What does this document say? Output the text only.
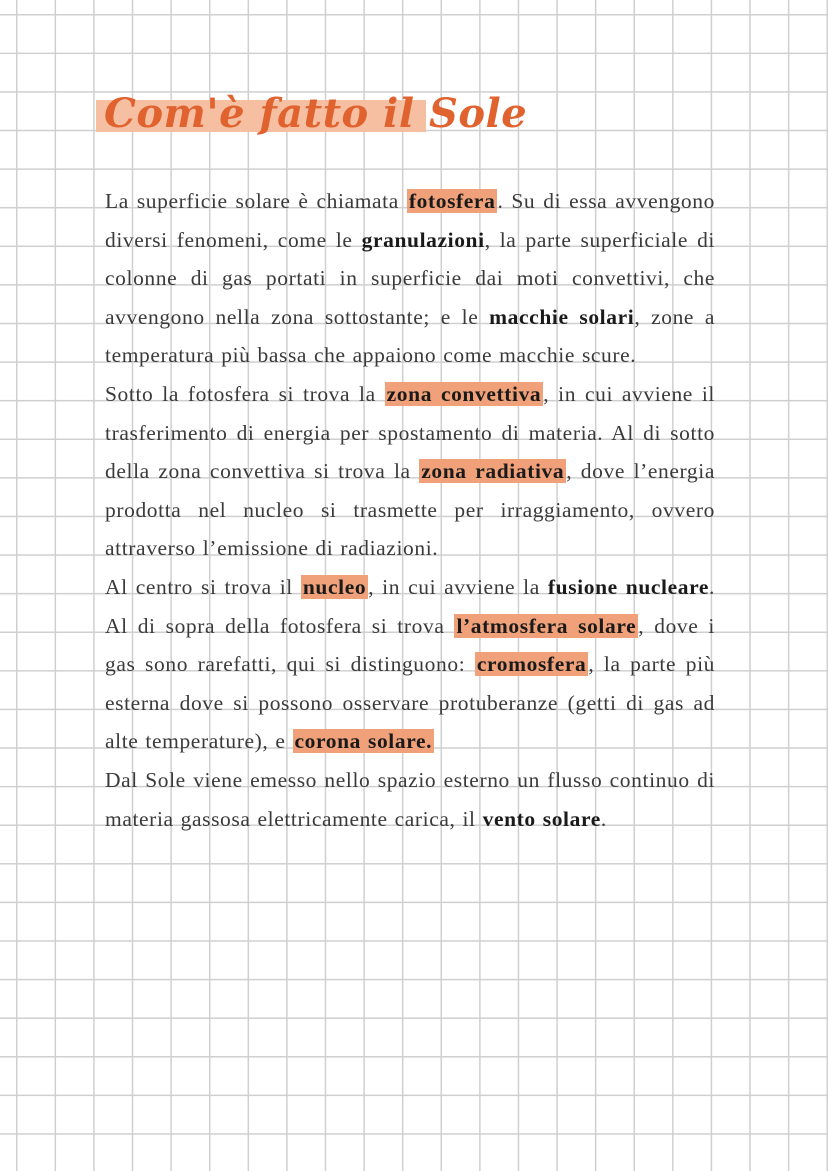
Com'è fatto il Sole

La superficie solare è chiamata fotosfera. Su di essa avvengono diversi fenomeni, come le granulazioni, la parte superficiale di colonne di gas portati in superficie dai moti convettivi, che avvengono nella zona sottostante; e le macchie solari, zone a temperatura più bassa che appaiono come macchie scure.

Sotto la fotosfera si trova la zona convettiva, in cui avviene il trasferimento di energia per spostamento di materia. Al di sotto della zona convettiva si trova la zona radiativa, dove l’energia prodotta nel nucleo si trasmette per irraggiamento, ovvero attraverso l’emissione di radiazioni.

Al centro si trova il nucleo, in cui avviene la fusione nucleare. Al di sopra della fotosfera si trova l’atmosfera solare, dove i gas sono rarefatti, qui si distinguono: cromosfera, la parte più esterna dove si possono osservare protuberanze (getti di gas ad alte temperature), e corona solare.

Dal Sole viene emesso nello spazio esterno un flusso continuo di materia gassosa elettricamente carica, il vento solare.
